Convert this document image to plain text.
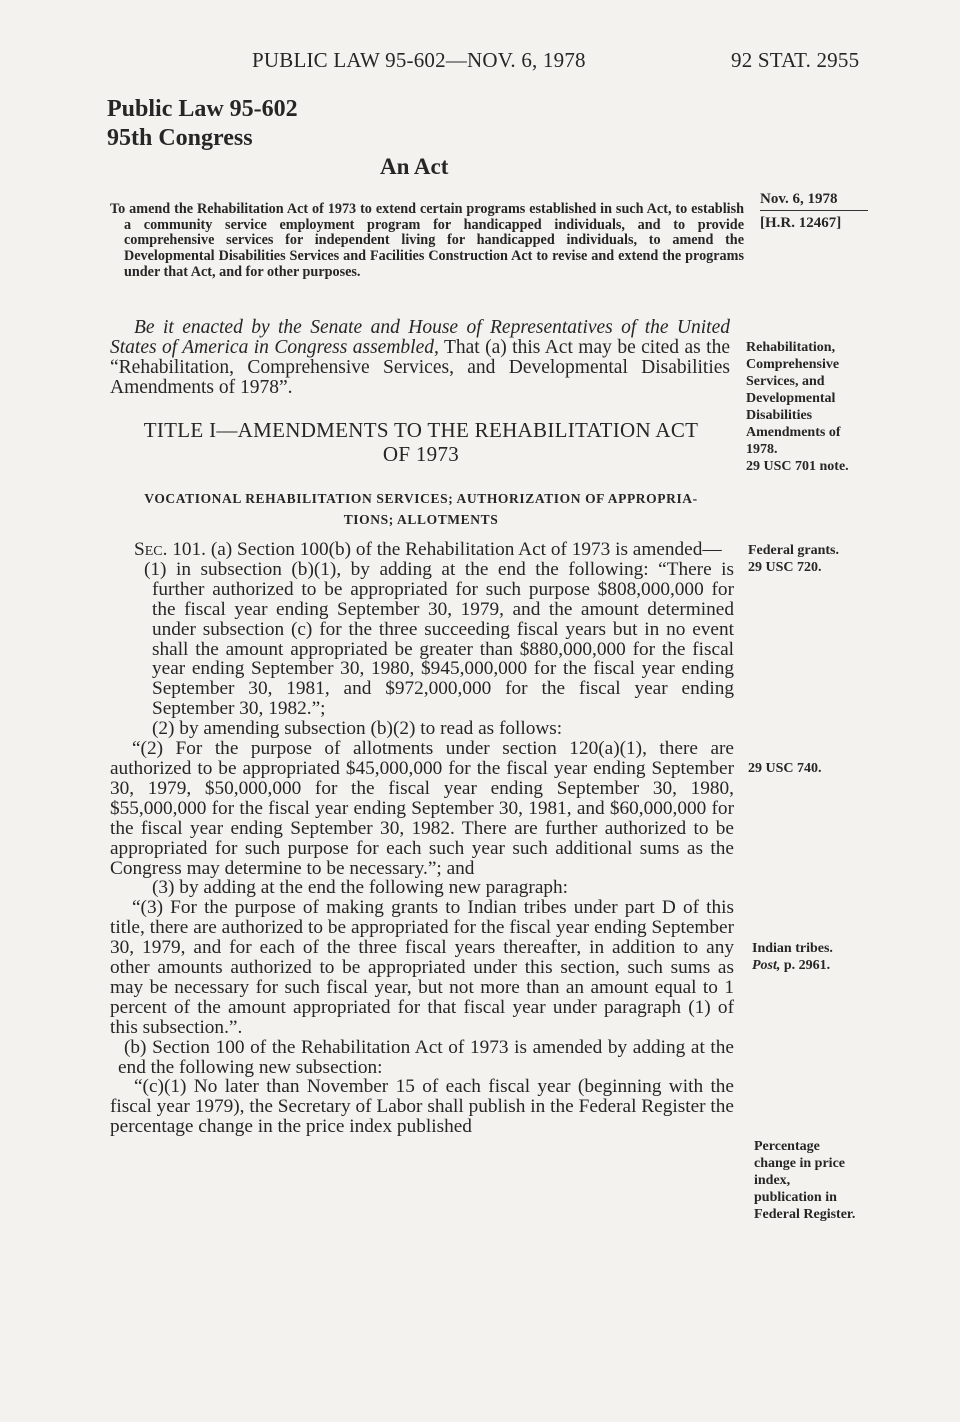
PUBLIC LAW 95-602—NOV. 6, 1978	92 STAT. 2955
Public Law 95-602
95th Congress
An Act
To amend the Rehabilitation Act of 1973 to extend certain programs established in such Act, to establish a community service employment program for handicapped individuals, and to provide comprehensive services for independent living for handicapped individuals, to amend the Developmental Disabilities Services and Facilities Construction Act to revise and extend the programs under that Act, and for other purposes.
Nov. 6, 1978
[H.R. 12467]
Rehabilitation,
Comprehensive
Services, and
Developmental
Disabilities
Amendments of
1978.
29 USC 701 note.
Federal grants.
29 USC 720.
29 USC 740.
Indian tribes.
Post, p. 2961.
Percentage
change in price
index,
publication in
Federal Register.
Be it enacted by the Senate and House of Representatives of the United States of America in Congress assembled, That (a) this Act may be cited as the “Rehabilitation, Comprehensive Services, and Developmental Disabilities Amendments of 1978”.
TITLE I—AMENDMENTS TO THE REHABILITATION ACT
OF 1973
VOCATIONAL REHABILITATION SERVICES; AUTHORIZATION OF APPROPRIA-
TIONS; ALLOTMENTS

Sec. 101. (a) Section 100(b) of the Rehabilitation Act of 1973 is amended—

(1) in subsection (b)(1), by adding at the end the following: “There is further authorized to be appropriated for such purpose $808,000,000 for the fiscal year ending September 30, 1979, and the amount determined under subsection (c) for the three succeeding fiscal years but in no event shall the amount appropriated be greater than $880,000,000 for the fiscal year ending September 30, 1980, $945,000,000 for the fiscal year ending September 30, 1981, and $972,000,000 for the fiscal year ending September 30, 1982.”;

(2) by amending subsection (b)(2) to read as follows:

“(2) For the purpose of allotments under section 120(a)(1), there are authorized to be appropriated $45,000,000 for the fiscal year ending September 30, 1979, $50,000,000 for the fiscal year ending September 30, 1980, $55,000,000 for the fiscal year ending September 30, 1981, and $60,000,000 for the fiscal year ending September 30, 1982. There are further authorized to be appropriated for such purpose for each such year such additional sums as the Congress may determine to be necessary.”; and

(3) by adding at the end the following new paragraph:

“(3) For the purpose of making grants to Indian tribes under part D of this title, there are authorized to be appropriated for the fiscal year ending September 30, 1979, and for each of the three fiscal years thereafter, in addition to any other amounts authorized to be appropriated under this section, such sums as may be necessary for such fiscal year, but not more than an amount equal to 1 percent of the amount appropriated for that fiscal year under paragraph (1) of this subsection.”.

(b) Section 100 of the Rehabilitation Act of 1973 is amended by adding at the end the following new subsection:

“(c)(1) No later than November 15 of each fiscal year (beginning with the fiscal year 1979), the Secretary of Labor shall publish in the Federal Register the percentage change in the price index published
